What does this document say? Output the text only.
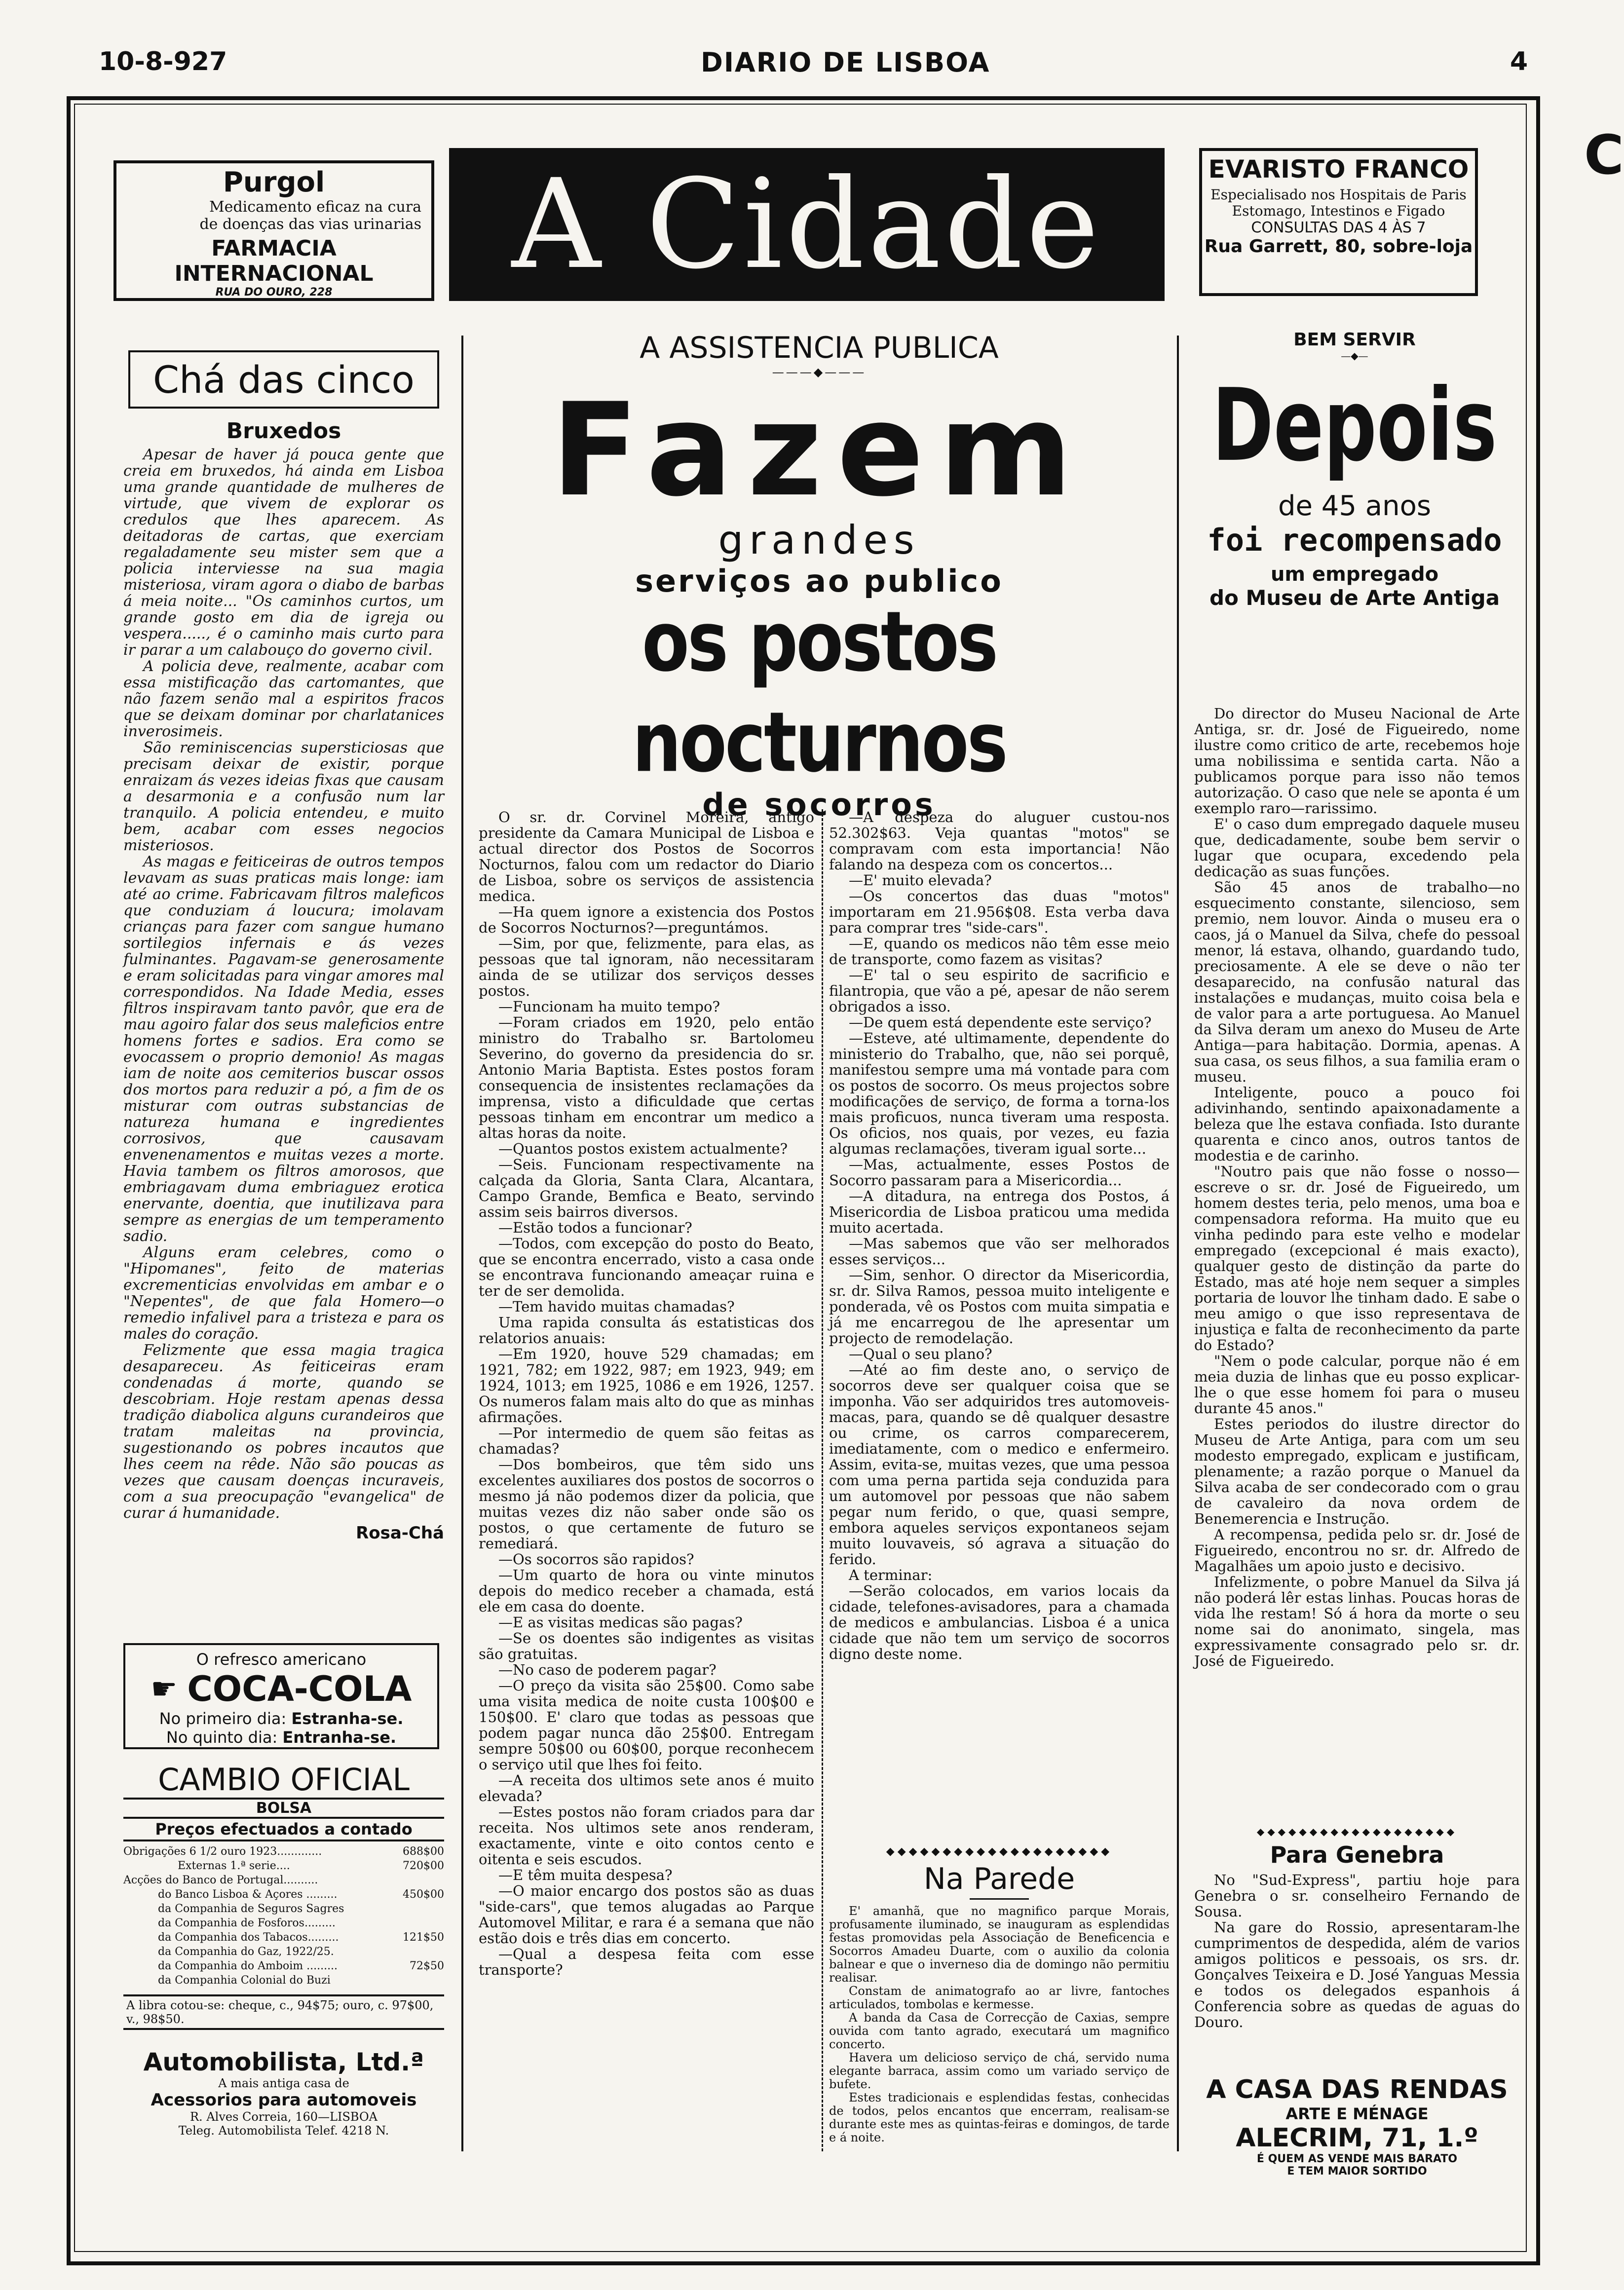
10-8-927	DIARIO DE LISBOA	4
C
Purgol
Medicamento eficaz na cura
de doenças das vias urinarias
FARMACIA INTERNACIONAL
RUA DO OURO, 228	A Cidade	EVARISTO FRANCO
Especialisado nos Hospitais de Paris
Estomago, Intestinos e Figado
CONSULTAS DAS 4 ÀS 7
Rua Garrett, 80, sobre-loja
Chá das cinco
Bruxedos

Apesar de haver já pouca gente que creia em bruxedos, há ainda em Lisboa uma grande quantidade de mulheres de virtude, que vivem de explorar os credulos que lhes aparecem. As deitadoras de cartas, que exerciam regaladamente seu mister sem que a policia interviesse na sua magia misteriosa, viram agora o diabo de barbas á meia noite... "Os caminhos curtos, um grande gosto em dia de igreja ou vespera....., é o caminho mais curto para ir parar a um calabouço do governo civil.

A policia deve, realmente, acabar com essa mistificação das cartomantes, que não fazem senão mal a espiritos fracos que se deixam dominar por charlatanices inverosimeis.

São reminiscencias supersticiosas que precisam deixar de existir, porque enraizam ás vezes ideias fixas que causam a desarmonia e a confusão num lar tranquilo. A policia entendeu, e muito bem, acabar com esses negocios misteriosos.

As magas e feiticeiras de outros tempos levavam as suas praticas mais longe: iam até ao crime. Fabricavam filtros maleficos que conduziam á loucura; imolavam crianças para fazer com sangue humano sortilegios infernais e ás vezes fulminantes. Pagavam-se generosamente e eram solicitadas para vingar amores mal correspondidos. Na Idade Media, esses filtros inspiravam tanto pavôr, que era de mau agoiro falar dos seus maleficios entre homens fortes e sadios. Era como se evocassem o proprio demonio! As magas iam de noite aos cemiterios buscar ossos dos mortos para reduzir a pó, a fim de os misturar com outras substancias de natureza humana e ingredientes corrosivos, que causavam envenenamentos e muitas vezes a morte. Havia tambem os filtros amorosos, que embriagavam duma embriaguez erotica enervante, doentia, que inutilizava para sempre as energias de um temperamento sadio.

Alguns eram celebres, como o "Hipomanes", feito de materias excrementicias envolvidas em ambar e o "Nepentes", de que fala Homero—o remedio infalivel para a tristeza e para os males do coração.

Felizmente que essa magia tragica desapareceu. As feiticeiras eram condenadas á morte, quando se descobriam. Hoje restam apenas dessa tradição diabolica alguns curandeiros que tratam maleitas na provincia, sugestionando os pobres incautos que lhes ceem na rêde. Não são poucas as vezes que causam doenças incuraveis, com a sua preocupação "evangelica" de curar á humanidade.

Rosa-Chá
O refresco americano
☛ COCA-COLA
No primeiro dia: Estranha-se.
No quinto dia: Entranha-se.
CAMBIO OFICIAL
BOLSA
Preços efectuados a contado
Obrigações 6 1/2 ouro 1923.............	688$00
Externas 1.ª serie....	720$00
Acções do Banco de Portugal..........
do Banco Lisboa & Açores .........	450$00
da Companhia de Seguros Sagres
da Companhia de Fosforos.........
da Companhia dos Tabacos.........	121$50
da Companhia do Gaz, 1922/25.
da Companhia do Amboim .........	72$50
da Companhia Colonial do Buzi
A libra cotou-se: cheque, c., 94$75; ouro, c. 97$00, v., 98$50.
Automobilista, Ltd.ª
A mais antiga casa de
Acessorios para automoveis
R. Alves Correia, 160—LISBOA
Teleg. Automobilista Telef. 4218 N.
A ASSISTENCIA PUBLICA
———◆———
Fazem
grandes
serviços ao publico
os postos nocturnos
de socorros

O sr. dr. Corvinel Moreira, antigo presidente da Camara Municipal de Lisboa e actual director dos Postos de Socorros Nocturnos, falou com um redactor do Diario de Lisboa, sobre os serviços de assistencia medica.

—Ha quem ignore a existencia dos Postos de Socorros Nocturnos?—preguntámos.

—Sim, por que, felizmente, para elas, as pessoas que tal ignoram, não necessitaram ainda de se utilizar dos serviços desses postos.

—Funcionam ha muito tempo?

—Foram criados em 1920, pelo então ministro do Trabalho sr. Bartolomeu Severino, do governo da presidencia do sr. Antonio Maria Baptista. Estes postos foram consequencia de insistentes reclamações da imprensa, visto a dificuldade que certas pessoas tinham em encontrar um medico a altas horas da noite.

—Quantos postos existem actualmente?

—Seis. Funcionam respectivamente na calçada da Gloria, Santa Clara, Alcantara, Campo Grande, Bemfica e Beato, servindo assim seis bairros diversos.

—Estão todos a funcionar?

—Todos, com excepção do posto do Beato, que se encontra encerrado, visto a casa onde se encontrava funcionando ameaçar ruina e ter de ser demolida.

—Tem havido muitas chamadas?

Uma rapida consulta ás estatisticas dos relatorios anuais:

—Em 1920, houve 529 chamadas; em 1921, 782; em 1922, 987; em 1923, 949; em 1924, 1013; em 1925, 1086 e em 1926, 1257. Os numeros falam mais alto do que as minhas afirmações.

—Por intermedio de quem são feitas as chamadas?

—Dos bombeiros, que têm sido uns excelentes auxiliares dos postos de socorros o mesmo já não podemos dizer da policia, que muitas vezes diz não saber onde são os postos, o que certamente de futuro se remediará.

—Os socorros são rapidos?

—Um quarto de hora ou vinte minutos depois do medico receber a chamada, está ele em casa do doente.

—E as visitas medicas são pagas?

—Se os doentes são indigentes as visitas são gratuitas.

—No caso de poderem pagar?

—O preço da visita são 25$00. Como sabe uma visita medica de noite custa 100$00 e 150$00. E' claro que todas as pessoas que podem pagar nunca dão 25$00. Entregam sempre 50$00 ou 60$00, porque reconhecem o serviço util que lhes foi feito.

—A receita dos ultimos sete anos é muito elevada?

—Estes postos não foram criados para dar receita. Nos ultimos sete anos renderam, exactamente, vinte e oito contos cento e oitenta e seis escudos.

—E têm muita despesa?

—O maior encargo dos postos são as duas "side-cars", que temos alugadas ao Parque Automovel Militar, e rara é a semana que não estão dois e três dias em concerto.

—Qual a despesa feita com esse transporte?

—A despeza do aluguer custou-nos 52.302$63. Veja quantas "motos" se compravam com esta importancia! Não falando na despeza com os concertos...

—E' muito elevada?

—Os concertos das duas "motos" importaram em 21.956$08. Esta verba dava para comprar tres "side-cars".

—E, quando os medicos não têm esse meio de transporte, como fazem as visitas?

—E' tal o seu espirito de sacrificio e filantropia, que vão a pé, apesar de não serem obrigados a isso.

—De quem está dependente este serviço?

—Esteve, até ultimamente, dependente do ministerio do Trabalho, que, não sei porquê, manifestou sempre uma má vontade para com os postos de socorro. Os meus projectos sobre modificações de serviço, de forma a torna-los mais proficuos, nunca tiveram uma resposta. Os oficios, nos quais, por vezes, eu fazia algumas reclamações, tiveram igual sorte...

—Mas, actualmente, esses Postos de Socorro passaram para a Misericordia...

—A ditadura, na entrega dos Postos, á Misericordia de Lisboa praticou uma medida muito acertada.

—Mas sabemos que vão ser melhorados esses serviços...

—Sim, senhor. O director da Misericordia, sr. dr. Silva Ramos, pessoa muito inteligente e ponderada, vê os Postos com muita simpatia e já me encarregou de lhe apresentar um projecto de remodelação.

—Qual o seu plano?

—Até ao fim deste ano, o serviço de socorros deve ser qualquer coisa que se imponha. Vão ser adquiridos tres automoveis-macas, para, quando se dê qualquer desastre ou crime, os carros comparecerem, imediatamente, com o medico e enfermeiro. Assim, evita-se, muitas vezes, que uma pessoa com uma perna partida seja conduzida para um automovel por pessoas que não sabem pegar num ferido, o que, quasi sempre, embora aqueles serviços expontaneos sejam muito louvaveis, só agrava a situação do ferido.

A terminar:

—Serão colocados, em varios locais da cidade, telefones-avisadores, para a chamada de medicos e ambulancias. Lisboa é a unica cidade que não tem um serviço de socorros digno deste nome.

◆◆◆◆◆◆◆◆◆◆◆◆◆◆◆◆◆◆◆◆
Na Parede

E' amanhã, que no magnifico parque Morais, profusamente iluminado, se inauguram as esplendidas festas promovidas pela Associação de Beneficencia e Socorros Amadeu Duarte, com o auxilio da colonia balnear e que o inverneso dia de domingo não permitiu realisar.

Constam de animatografo ao ar livre, fantoches articulados, tombolas e kermesse.

A banda da Casa de Correcção de Caxias, sempre ouvida com tanto agrado, executará um magnifico concerto.

Havera um delicioso serviço de chá, servido numa elegante barraca, assim como um variado serviço de bufete.

Estes tradicionais e esplendidas festas, conhecidas de todos, pelos encantos que encerram, realisam-se durante este mes as quintas-feiras e domingos, de tarde e á noite.

BEM SERVIR
—◆—
Depois
de 45 anos
foi recompensado
um empregado
do Museu de Arte Antiga

Do director do Museu Nacional de Arte Antiga, sr. dr. José de Figueiredo, nome ilustre como critico de arte, recebemos hoje uma nobilissima e sentida carta. Não a publicamos porque para isso não temos autorização. O caso que nele se aponta é um exemplo raro—rarissimo.

E' o caso dum empregado daquele museu que, dedicadamente, soube bem servir o lugar que ocupara, excedendo pela dedicação as suas funções.

São 45 anos de trabalho—no esquecimento constante, silencioso, sem premio, nem louvor. Ainda o museu era o caos, já o Manuel da Silva, chefe do pessoal menor, lá estava, olhando, guardando tudo, preciosamente. A ele se deve o não ter desaparecido, na confusão natural das instalações e mudanças, muito coisa bela e de valor para a arte portuguesa. Ao Manuel da Silva deram um anexo do Museu de Arte Antiga—para habitação. Dormia, apenas. A sua casa, os seus filhos, a sua familia eram o museu.

Inteligente, pouco a pouco foi adivinhando, sentindo apaixonadamente a beleza que lhe estava confiada. Isto durante quarenta e cinco anos, outros tantos de modestia e de carinho.

"Noutro pais que não fosse o nosso—escreve o sr. dr. José de Figueiredo, um homem destes teria, pelo menos, uma boa e compensadora reforma. Ha muito que eu vinha pedindo para este velho e modelar empregado (excepcional é mais exacto), qualquer gesto de distinção da parte do Estado, mas até hoje nem sequer a simples portaria de louvor lhe tinham dado. E sabe o meu amigo o que isso representava de injustiça e falta de reconhecimento da parte do Estado?

"Nem o pode calcular, porque não é em meia duzia de linhas que eu posso explicar-lhe o que esse homem foi para o museu durante 45 anos."

Estes periodos do ilustre director do Museu de Arte Antiga, para com um seu modesto empregado, explicam e justificam, plenamente; a razão porque o Manuel da Silva acaba de ser condecorado com o grau de cavaleiro da nova ordem de Benemerencia e Instrução.

A recompensa, pedida pelo sr. dr. José de Figueiredo, encontrou no sr. dr. Alfredo de Magalhães um apoio justo e decisivo.

Infelizmente, o pobre Manuel da Silva já não poderá lêr estas linhas. Poucas horas de vida lhe restam! Só á hora da morte o seu nome sai do anonimato, singela, mas expressivamente consagrado pelo sr. dr. José de Figueiredo.

◆◆◆◆◆◆◆◆◆◆◆◆◆◆◆◆◆◆◆
Para Genebra

No "Sud-Express", partiu hoje para Genebra o sr. conselheiro Fernando de Sousa.

Na gare do Rossio, apresentaram-lhe cumprimentos de despedida, além de varios amigos politicos e pessoais, os srs. dr. Gonçalves Teixeira e D. José Yanguas Messia e todos os delegados espanhois á Conferencia sobre as quedas de aguas do Douro.

A CASA DAS RENDAS
ARTE E MÉNAGE
ALECRIM, 71, 1.º
É QUEM AS VENDE MAIS BARATO
E TEM MAIOR SORTIDO
